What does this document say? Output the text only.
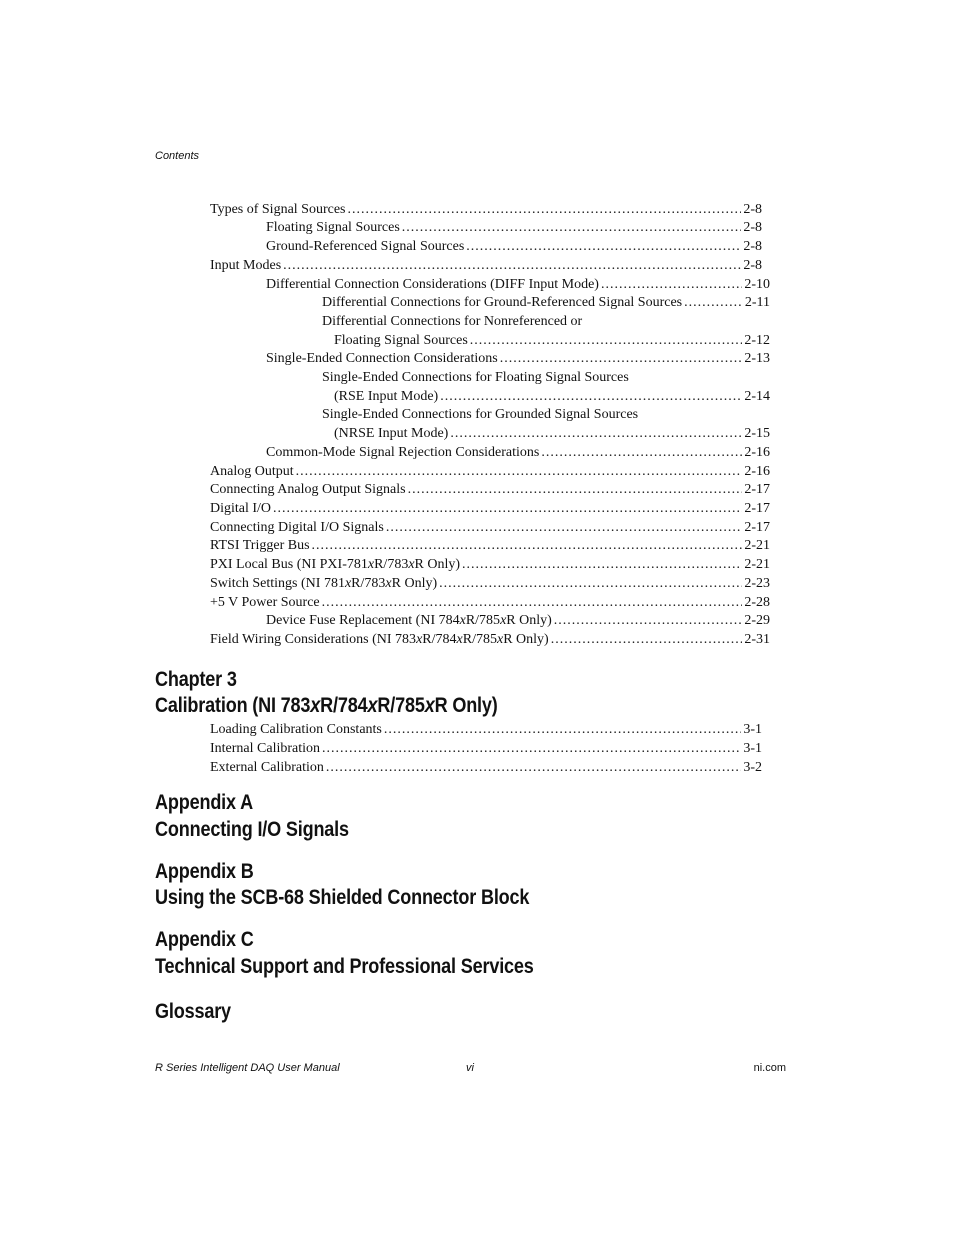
Contents
Types of Signal Sources .....	2-8
Floating Signal Sources .....	2-8
Ground-Referenced Signal Sources .....	2-8
Input Modes .....	2-8
Differential Connection Considerations (DIFF Input Mode) .....	2-10
Differential Connections for Ground-Referenced Signal Sources .....	2-11
Differential Connections for Nonreferenced or
Floating Signal Sources .....	2-12
Single-Ended Connection Considerations .....	2-13
Single-Ended Connections for Floating Signal Sources
(RSE Input Mode) .....	2-14
Single-Ended Connections for Grounded Signal Sources
(NRSE Input Mode) .....	2-15
Common-Mode Signal Rejection Considerations .....	2-16
Analog Output .....	2-16
Connecting Analog Output Signals .....	2-17
Digital I/O .....	2-17
Connecting Digital I/O Signals .....	2-17
RTSI Trigger Bus .....	2-21
PXI Local Bus (NI PXI-781xR/783xR Only) .....	2-21
Switch Settings (NI 781xR/783xR Only) .....	2-23
+5 V Power Source .....	2-28
Device Fuse Replacement (NI 784xR/785xR Only) .....	2-29
Field Wiring Considerations (NI 783xR/784xR/785xR Only) .....	2-31
Chapter 3
Calibration (NI 783xR/784xR/785xR Only)
Loading Calibration Constants .....	3-1
Internal Calibration .....	3-1
External Calibration .....	3-2
Appendix A
Connecting I/O Signals
Appendix B
Using the SCB-68 Shielded Connector Block
Appendix C
Technical Support and Professional Services
Glossary
R Series Intelligent DAQ User Manual	vi	ni.com
